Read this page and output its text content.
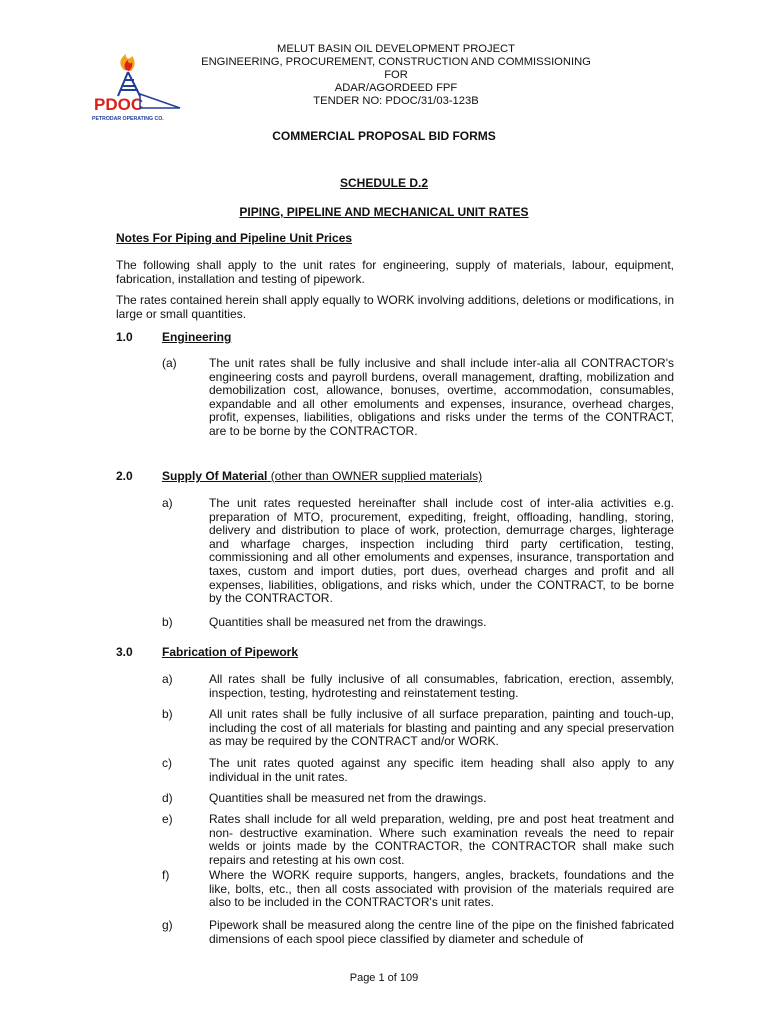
PDOC
PETRODAR OPERATING CO.
MELUT BASIN OIL DEVELOPMENT PROJECT
ENGINEERING, PROCUREMENT, CONSTRUCTION AND COMMISSIONING
FOR
ADAR/AGORDEED FPF
TENDER NO: PDOC/31/03-123B
COMMERCIAL PROPOSAL BID FORMS
SCHEDULE D.2
PIPING, PIPELINE AND MECHANICAL UNIT RATES
Notes For Piping and Pipeline Unit Prices
The following shall apply to the unit rates for engineering, supply of materials, labour, equipment, fabrication, installation and testing of pipework.
The rates contained herein shall apply equally to WORK involving additions, deletions or modifications, in large or small quantities.
1.0 Engineering
(a)	The unit rates shall be fully inclusive and shall include inter-alia all CONTRACTOR's engineering costs and payroll burdens, overall management, drafting, mobilization and demobilization cost, allowance, bonuses, overtime, accommodation, consumables, expandable and all other emoluments and expenses, insurance, overhead charges, profit, expenses, liabilities, obligations and risks under the terms of the CONTRACT, are to be borne by the CONTRACTOR.
2.0 Supply Of Material (other than OWNER supplied materials)
a)	The unit rates requested hereinafter shall include cost of inter-alia activities e.g. preparation of MTO, procurement, expediting, freight, offloading, handling, storing, delivery and distribution to place of work, protection, demurrage charges, lighterage and wharfage charges, inspection including third party certification, testing, commissioning and all other emoluments and expenses, insurance, transportation and taxes, custom and import duties, port dues, overhead charges and profit and all expenses, liabilities, obligations, and risks which, under the CONTRACT, to be borne by the CONTRACTOR.
b)	Quantities shall be measured net from the drawings.
3.0 Fabrication of Pipework
a)	All rates shall be fully inclusive of all consumables, fabrication, erection, assembly, inspection, testing, hydrotesting and reinstatement testing.
b)	All unit rates shall be fully inclusive of all surface preparation, painting and touch-up, including the cost of all materials for blasting and painting and any special preservation as may be required by the CONTRACT and/or WORK.
c)	The unit rates quoted against any specific item heading shall also apply to any individual in the unit rates.
d)	Quantities shall be measured net from the drawings.
e)	Rates shall include for all weld preparation, welding, pre and post heat treatment and non- destructive examination. Where such examination reveals the need to repair welds or joints made by the CONTRACTOR, the CONTRACTOR shall make such repairs and retesting at his own cost.
f)	Where the WORK require supports, hangers, angles, brackets, foundations and the like, bolts, etc., then all costs associated with provision of the materials required are also to be included in the CONTRACTOR's unit rates.
g)	Pipework shall be measured along the centre line of the pipe on the finished fabricated dimensions of each spool piece classified by diameter and schedule of
Page 1 of 109
